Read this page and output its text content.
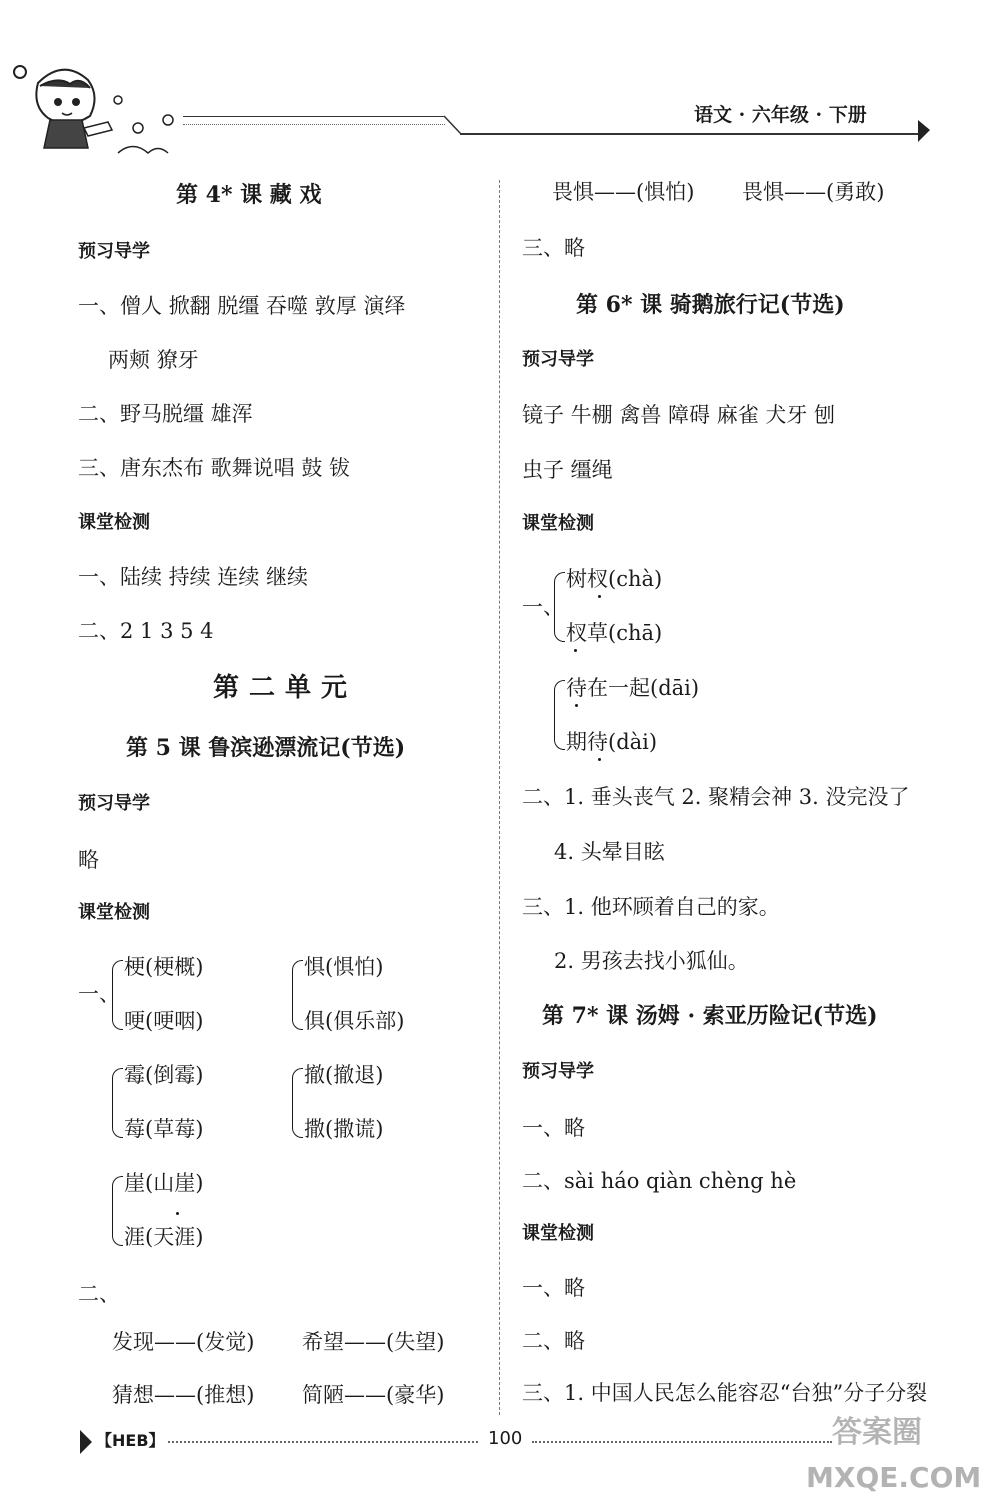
语文 · 六年级 · 下册
第 4* 课 藏 戏
预习导学
一、僧人 掀翻 脱缰 吞噬 敦厚 演绎
两颊 獠牙
二、野马脱缰 雄浑
三、唐东杰布 歌舞说唱 鼓 钹
课堂检测
一、陆续 持续 连续 继续
二、2 1 3 5 4
第二单元
第 5 课 鲁滨逊漂流记(节选)
预习导学
略
课堂检测
一、
梗(梗概)
哽(哽咽)
惧(惧怕)
俱(俱乐部)
霉(倒霉)
莓(草莓)
撤(撤退)
撒(撒谎)
崖(山崖)
涯(天涯)
二、
发现——(发觉) 希望——(失望)
猜想——(推想) 简陋——(豪华)
畏惧——(惧怕) 畏惧——(勇敢)
三、略
第 6* 课 骑鹅旅行记(节选)
预习导学
镜子 牛棚 禽兽 障碍 麻雀 犬牙 刨
虫子 缰绳
课堂检测
一、
树杈(chà)
杈草(chā)
待在一起(dāi)
期待(dài)
二、1. 垂头丧气 2. 聚精会神 3. 没完没了
4. 头晕目眩
三、1. 他环顾着自己的家。
2. 男孩去找小狐仙。
第 7* 课 汤姆 · 索亚历险记(节选)
预习导学
一、略
二、sài háo qiàn chèng hè
课堂检测
一、略
二、略
三、1. 中国人民怎么能容忍“台独”分子分裂
【HEB】	100	答案圈
MXQE.COM
